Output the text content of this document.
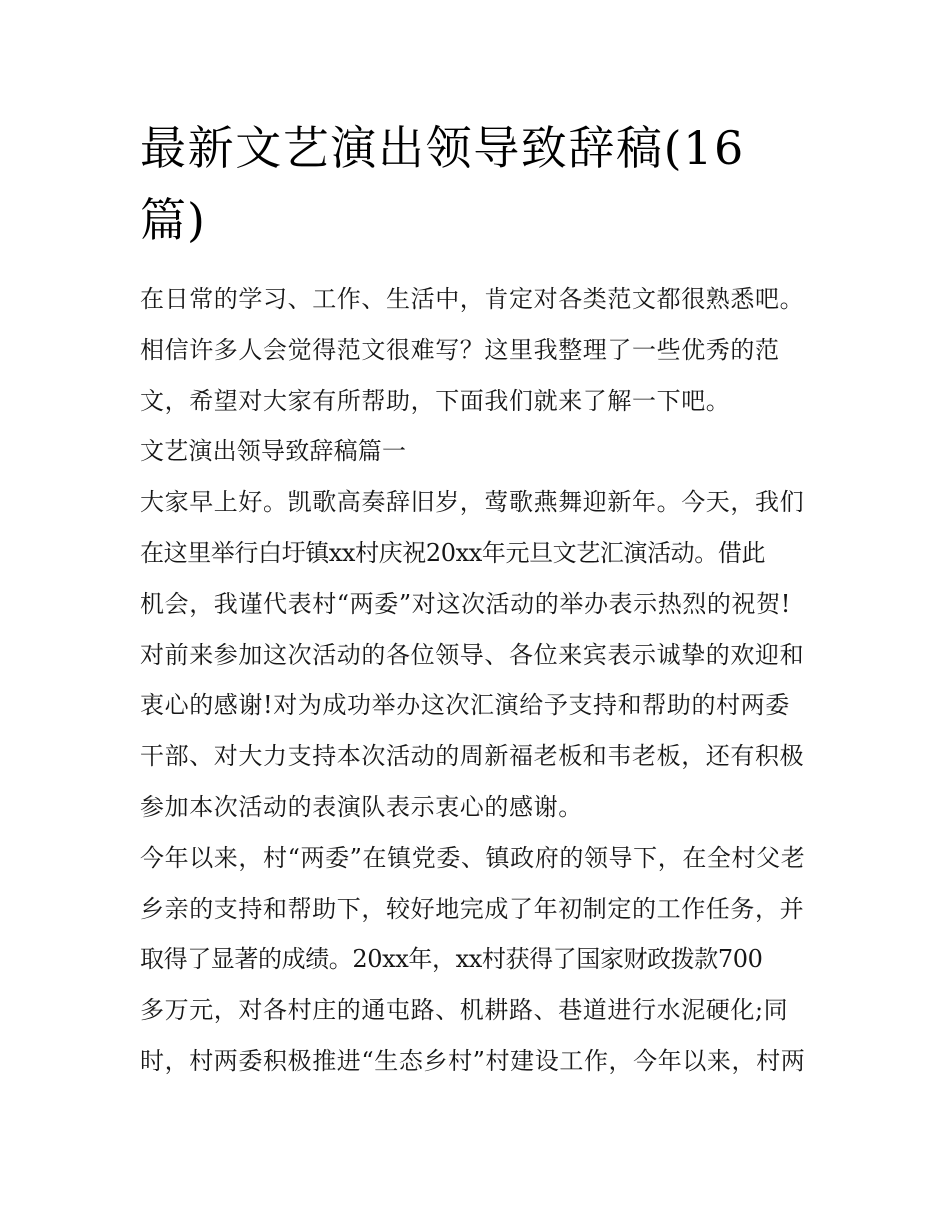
最新文艺演出领导致辞稿(16
篇)

在日常的学习、工作、生活中，肯定对各类范文都很熟悉吧。
相信许多人会觉得范文很难写？这里我整理了一些优秀的范
文，希望对大家有所帮助，下面我们就来了解一下吧。

文艺演出领导致辞稿篇一

大家早上好。凯歌高奏辞旧岁，莺歌燕舞迎新年。今天，我们
在这里举行白圩镇xx村庆祝20xx年元旦文艺汇演活动。借此
机会，我谨代表村“两委”对这次活动的举办表示热烈的祝贺!
对前来参加这次活动的各位领导、各位来宾表示诚挚的欢迎和
衷心的感谢!对为成功举办这次汇演给予支持和帮助的村两委
干部、对大力支持本次活动的周新福老板和韦老板，还有积极
参加本次活动的表演队表示衷心的感谢。

今年以来，村“两委”在镇党委、镇政府的领导下，在全村父老
乡亲的支持和帮助下，较好地完成了年初制定的工作任务，并
取得了显著的成绩。20xx年，xx村获得了国家财政拨款700
多万元，对各村庄的通屯路、机耕路、巷道进行水泥硬化;同
时，村两委积极推进“生态乡村”村建设工作，今年以来，村两
